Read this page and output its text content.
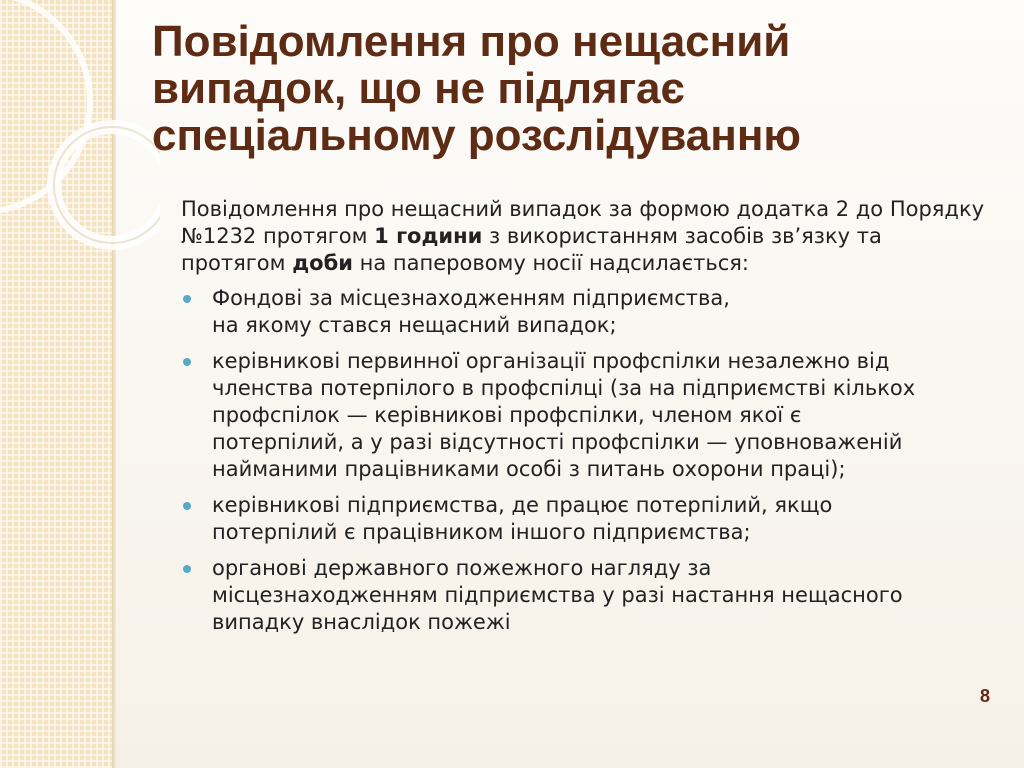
Повідомлення про нещасний
випадок, що не підлягає
спеціальному розслідуванню

Повідомлення про нещасний випадок за формою додатка 2 до Порядку №1232 протягом 1 години з використанням засобів зв’язку та протягом доби на паперовому носії надсилається:

Фондові за місцезнаходженням підприємства,
на якому стався нещасний випадок;
керівникові первинної організації профспілки незалежно від
членства потерпілого в профспілці (за на підприємстві кількох
профспілок — керівникові профспілки, членом якої є
потерпілий, а у разі відсутності профспілки — уповноваженій
найманими працівниками особі з питань охорони праці);
керівникові підприємства, де працює потерпілий, якщо
потерпілий є працівником іншого підприємства;
органові державного пожежного нагляду за
місцезнаходженням підприємства у разі настання нещасного
випадку внаслідок пожежі
8
